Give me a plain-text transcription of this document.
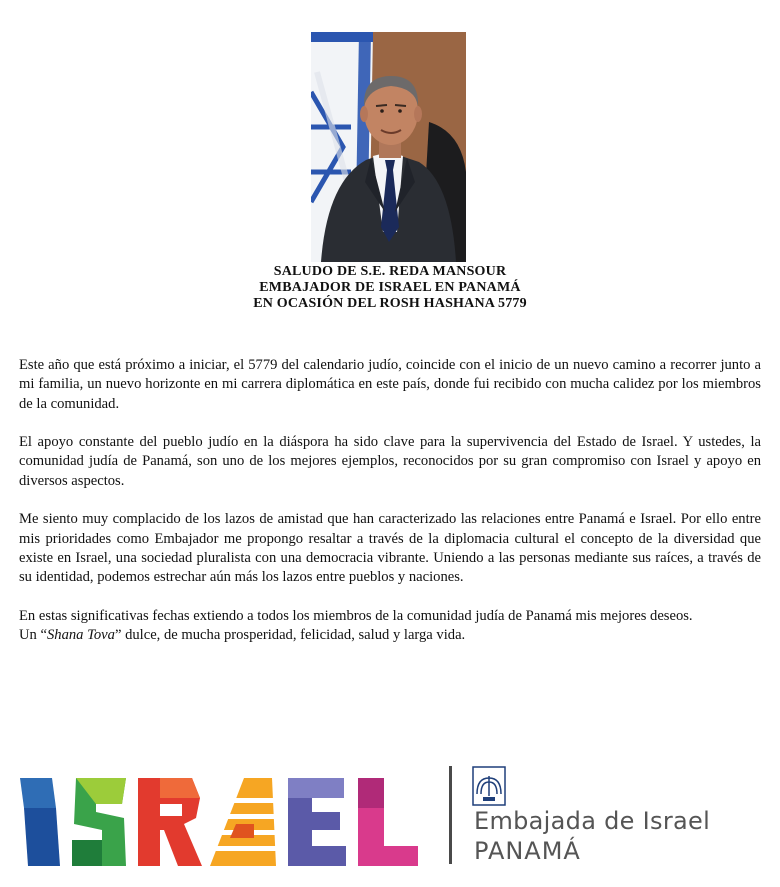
SALUDO DE S.E. REDA MANSOUR
EMBAJADOR DE ISRAEL EN PANAMÁ
EN OCASIÓN DEL ROSH HASHANA 5779

Este año que está próximo a iniciar, el 5779 del calendario judío, coincide con el inicio de un nuevo camino a recorrer junto a mi familia, un nuevo horizonte en mi carrera diplomática en este país, donde fui recibido con mucha calidez por los miembros de la comunidad.

El apoyo constante del pueblo judío en la diáspora ha sido clave para la supervivencia del Estado de Israel. Y ustedes, la comunidad judía de Panamá, son uno de los mejores ejemplos, reconocidos por su gran compromiso con Israel y apoyo en diversos aspectos.

Me siento muy complacido de los lazos de amistad que han caracterizado las relaciones entre Panamá e Israel. Por ello entre mis prioridades como Embajador me propongo resaltar a través de la diplomacia cultural el concepto de la diversidad que existe en Israel, una sociedad pluralista con una democracia vibrante. Uniendo a las personas mediante sus raíces, a través de su identidad, podemos estrechar aún más los lazos entre pueblos y naciones.

En estas significativas fechas extiendo a todos los miembros de la comunidad judía de Panamá mis mejores deseos.

Un “Shana Tova” dulce, de mucha prosperidad, felicidad, salud y larga vida.

Embajada de Israel
PANAMÁ
